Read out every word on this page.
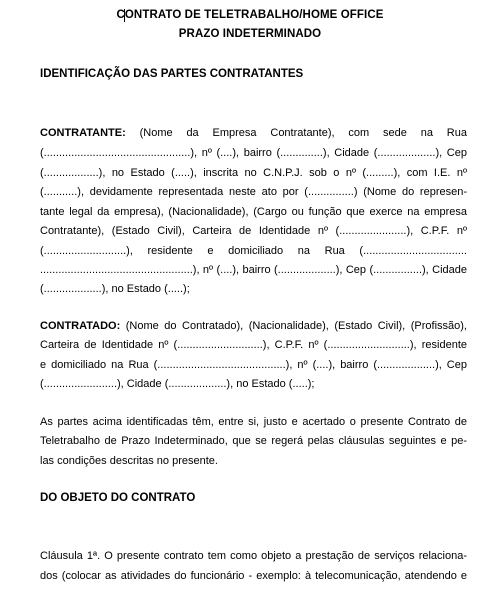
CONTRATO DE TELETRABALHO/HOME OFFICE
PRAZO INDETERMINADO
IDENTIFICAÇÃO DAS PARTES CONTRATANTES
CONTRATANTE: (Nome da Empresa Contratante), com sede na Rua
(................................................), nº (....), bairro (..............), Cidade (...................), Cep
(..................), no Estado (.....), inscrita no C.N.P.J. sob o nº (.........), com I.E. nº
(...........), devidamente representada neste ato por (...............) (Nome do represen-
tante legal da empresa), (Nacionalidade), (Cargo ou função que exerce na empresa
Contratante), (Estado Civil), Carteira de Identidade nº (......................), C.P.F. nº
(...........................), residente e domiciliado na Rua (..................................
..................................................), nº (....), bairro (...................), Cep (................), Cidade
(...................), no Estado (.....);
CONTRATADO: (Nome do Contratado), (Nacionalidade), (Estado Civil), (Profissão),
Carteira de Identidade nº (............................), C.P.F. nº (...........................), residente
e domiciliado na Rua (..........................................), nº (....), bairro (...................), Cep
(........................), Cidade (...................), no Estado (.....);
As partes acima identificadas têm, entre si, justo e acertado o presente Contrato de
Teletrabalho de Prazo Indeterminado, que se regerá pelas cláusulas seguintes e pe-
las condições descritas no presente.
DO OBJETO DO CONTRATO
Cláusula 1ª. O presente contrato tem como objeto a prestação de serviços relaciona-
dos (colocar as atividades do funcionário - exemplo: à telecomunicação, atendendo e
